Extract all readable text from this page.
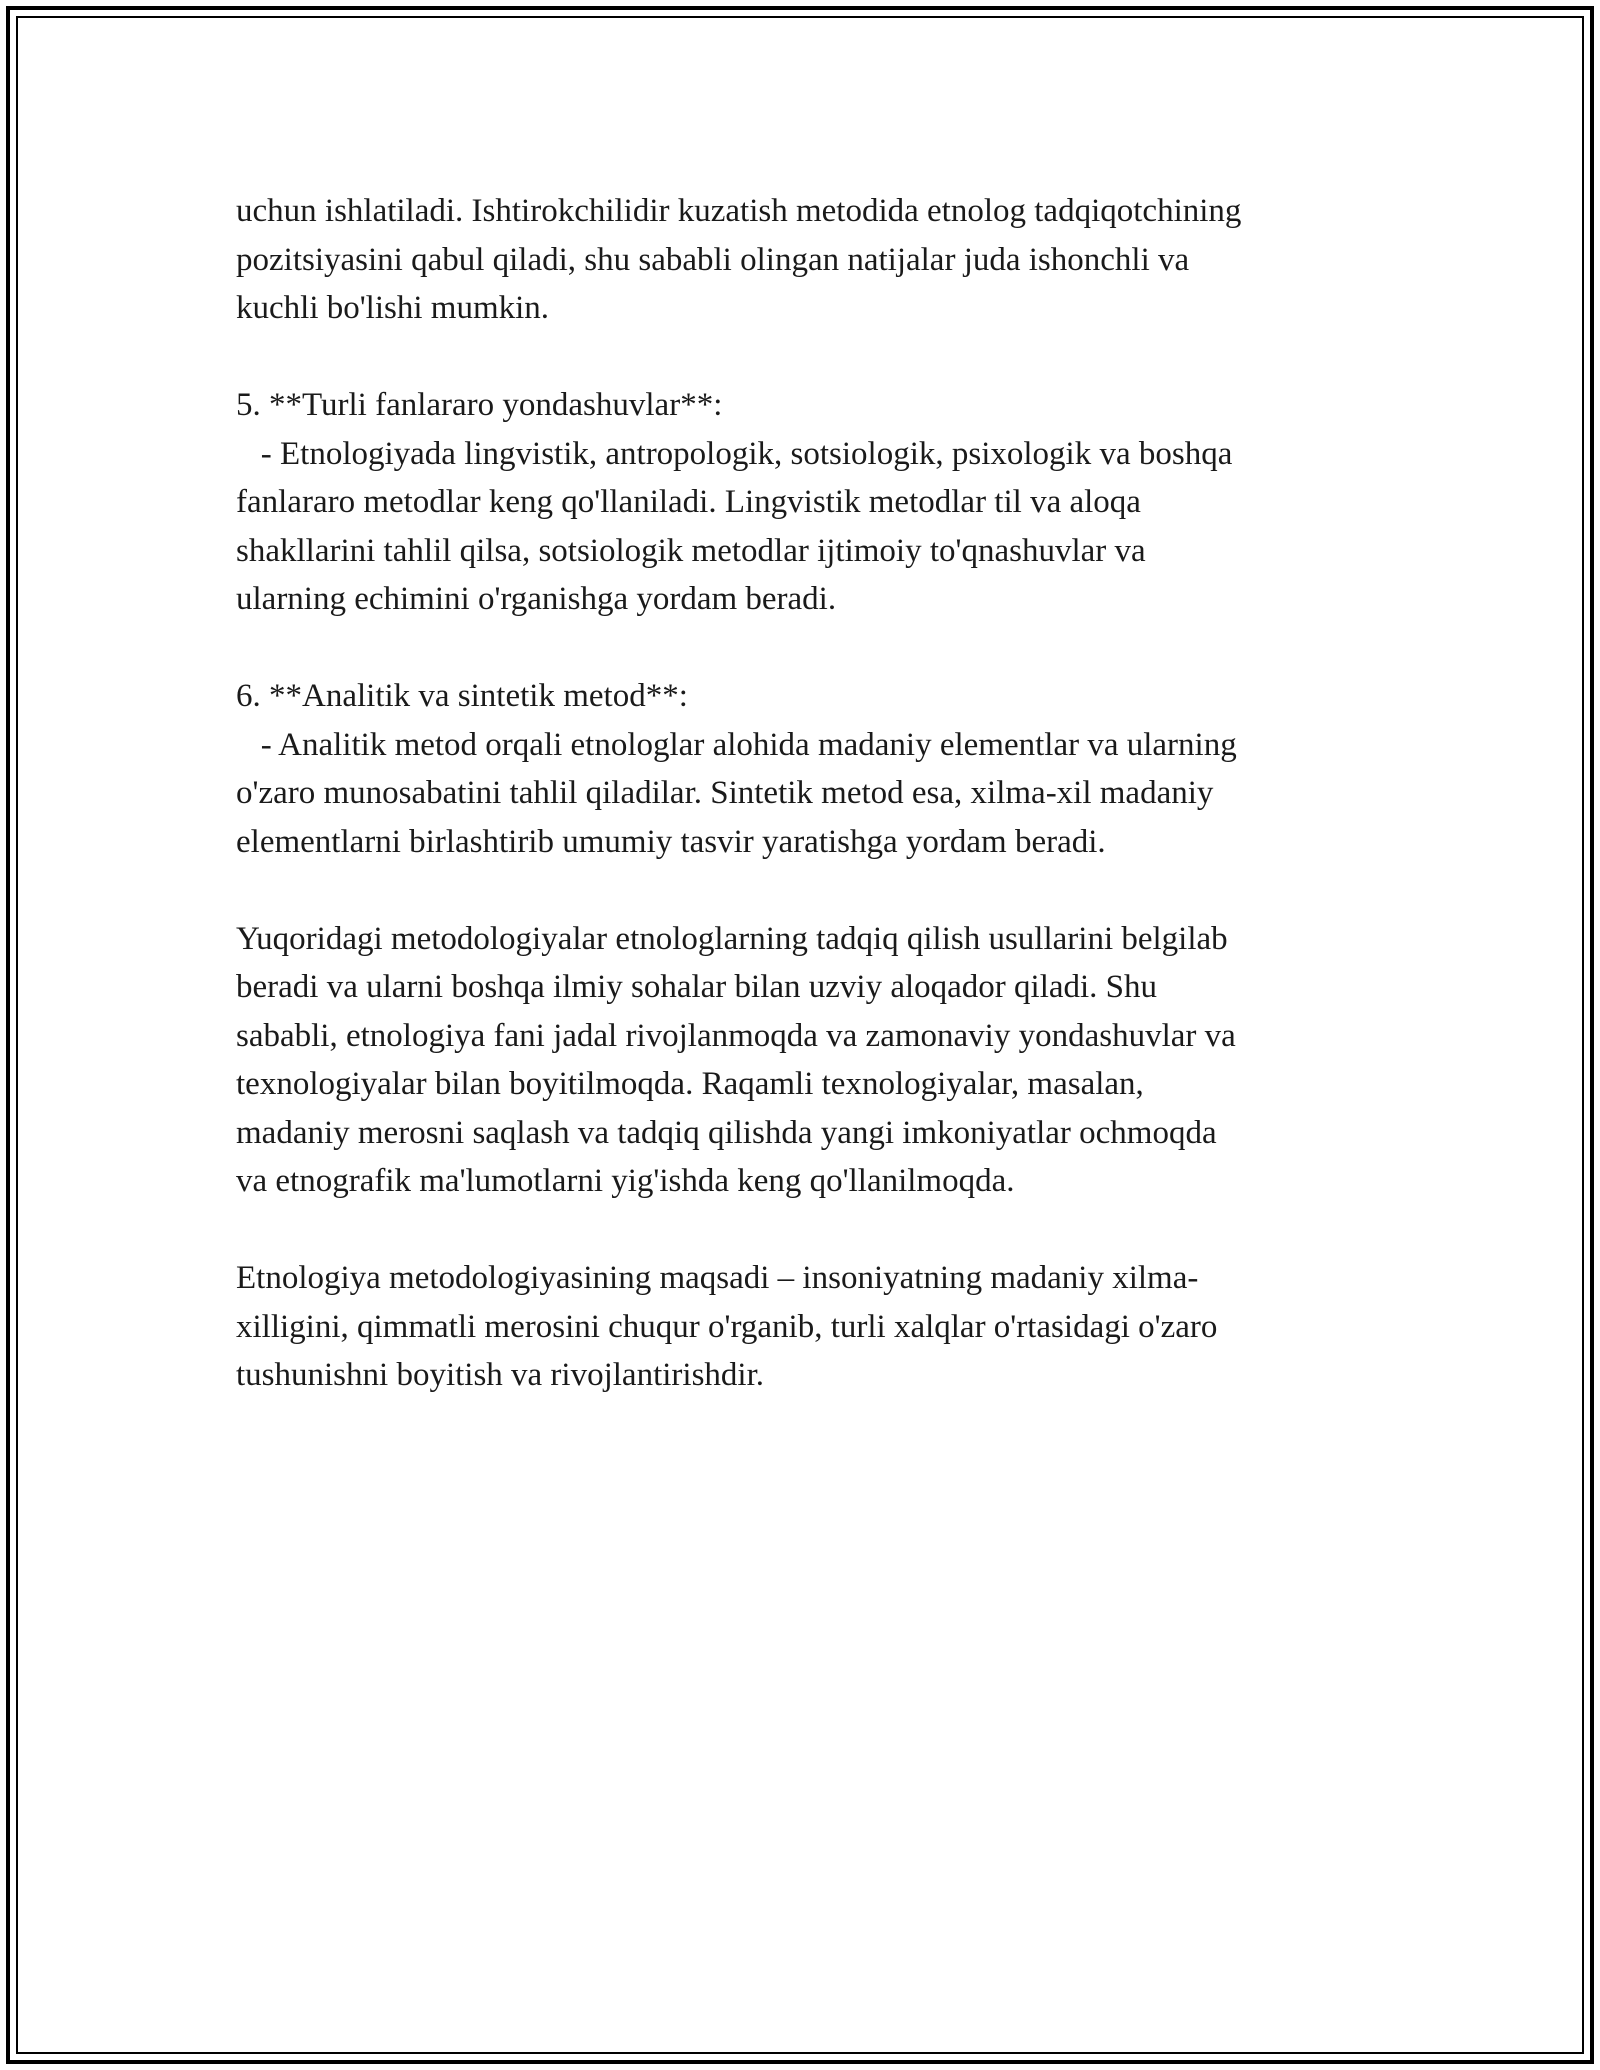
uchun ishlatiladi. Ishtirokchilidir kuzatish metodida etnolog tadqiqotchining
pozitsiyasini qabul qiladi, shu sababli olingan natijalar juda ishonchli va
kuchli bo'lishi mumkin.

5. **Turli fanlararo yondashuvlar**:
- Etnologiyada lingvistik, antropologik, sotsiologik, psixologik va boshqa
fanlararo metodlar keng qo'llaniladi. Lingvistik metodlar til va aloqa
shakllarini tahlil qilsa, sotsiologik metodlar ijtimoiy to'qnashuvlar va
ularning echimini o'rganishga yordam beradi.

6. **Analitik va sintetik metod**:
- Analitik metod orqali etnologlar alohida madaniy elementlar va ularning
o'zaro munosabatini tahlil qiladilar. Sintetik metod esa, xilma-xil madaniy
elementlarni birlashtirib umumiy tasvir yaratishga yordam beradi.

Yuqoridagi metodologiyalar etnologlarning tadqiq qilish usullarini belgilab
beradi va ularni boshqa ilmiy sohalar bilan uzviy aloqador qiladi. Shu
sababli, etnologiya fani jadal rivojlanmoqda va zamonaviy yondashuvlar va
texnologiyalar bilan boyitilmoqda. Raqamli texnologiyalar, masalan,
madaniy merosni saqlash va tadqiq qilishda yangi imkoniyatlar ochmoqda
va etnografik ma'lumotlarni yig'ishda keng qo'llanilmoqda.

Etnologiya metodologiyasining maqsadi – insoniyatning madaniy xilma-
xilligini, qimmatli merosini chuqur o'rganib, turli xalqlar o'rtasidagi o'zaro
tushunishni boyitish va rivojlantirishdir.
